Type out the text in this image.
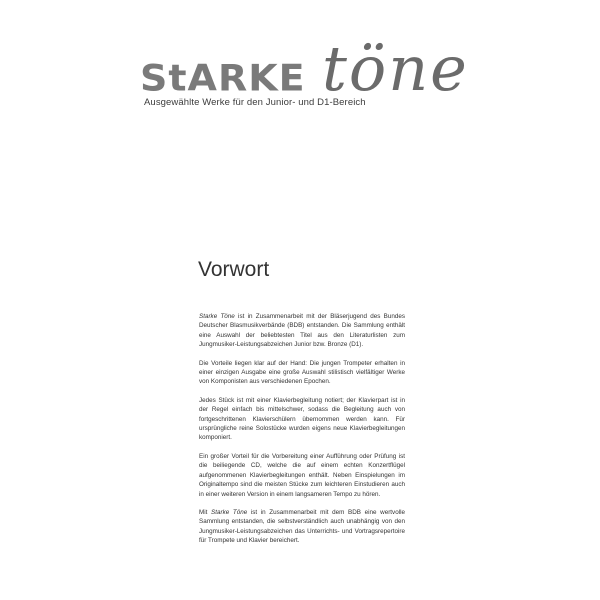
StARKE töne
Ausgewählte Werke für den Junior- und D1-Bereich
Vorwort

Starke Töne ist in Zusammenarbeit mit der Bläserjugend des Bundes Deutscher Blasmusikverbände (BDB) entstanden. Die Sammlung enthält eine Auswahl der beliebtesten Titel aus den Literaturlisten zum Jungmusiker-Leistungsabzeichen Junior bzw. Bronze (D1).

Die Vorteile liegen klar auf der Hand: Die jungen Trompeter erhalten in einer einzigen Ausgabe eine große Auswahl stilistisch vielfältiger Werke von Komponisten aus verschiedenen Epochen.

Jedes Stück ist mit einer Klavierbegleitung notiert; der Klavierpart ist in der Regel einfach bis mittelschwer, sodass die Begleitung auch von fortgeschrittenen Klavierschülern übernommen werden kann. Für ursprüngliche reine Solostücke wurden eigens neue Klavierbegleitungen komponiert.

Ein großer Vorteil für die Vorbereitung einer Aufführung oder Prüfung ist die beiliegende CD, welche die auf einem echten Konzertflügel aufgenommenen Klavierbegleitungen enthält. Neben Einspielungen im Originaltempo sind die meisten Stücke zum leichteren Einstudieren auch in einer weiteren Version in einem langsameren Tempo zu hören.

Mit Starke Töne ist in Zusammenarbeit mit dem BDB eine wertvolle Sammlung entstanden, die selbstverständlich auch unabhängig von den Jungmusiker-Leistungsabzeichen das Unterrichts- und Vortragsrepertoire für Trompete und Klavier bereichert.
